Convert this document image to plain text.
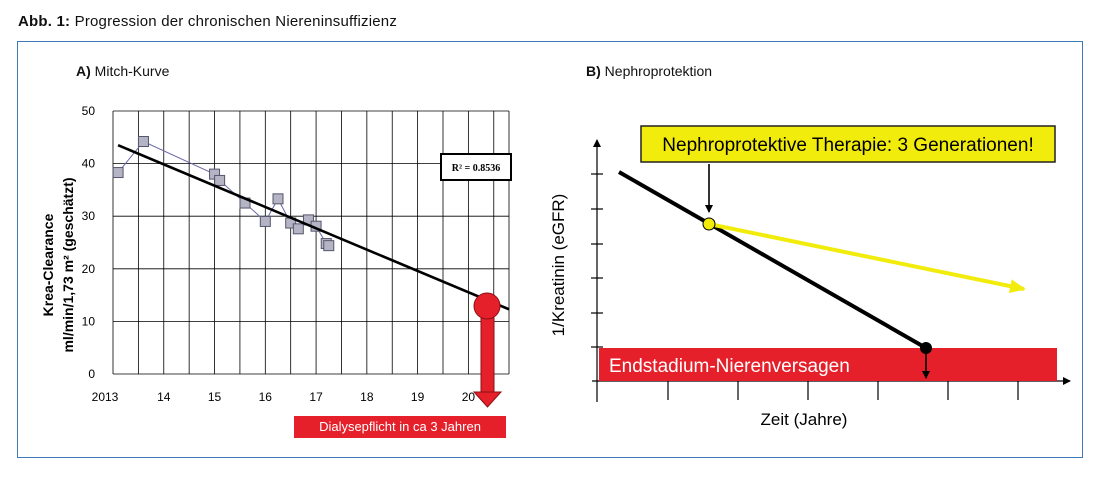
Abb. 1: Progression der chronischen Niereninsuffizienz
A) Mitch-Kurve	B) Nephroprotektion
2013	14	15	16	17	18	19	20
0
10
20
30
40
50
R² = 0.8536
Krea-Clearance ml/min/1,73 m² (geschätzt)	1/Kreatinin (eGFR)
Zeit (Jahre)
Nephroprotektive Therapie: 3 Generationen!
Endstadium-Nierenversagen
Dialysepflicht in ca 3 Jahren
